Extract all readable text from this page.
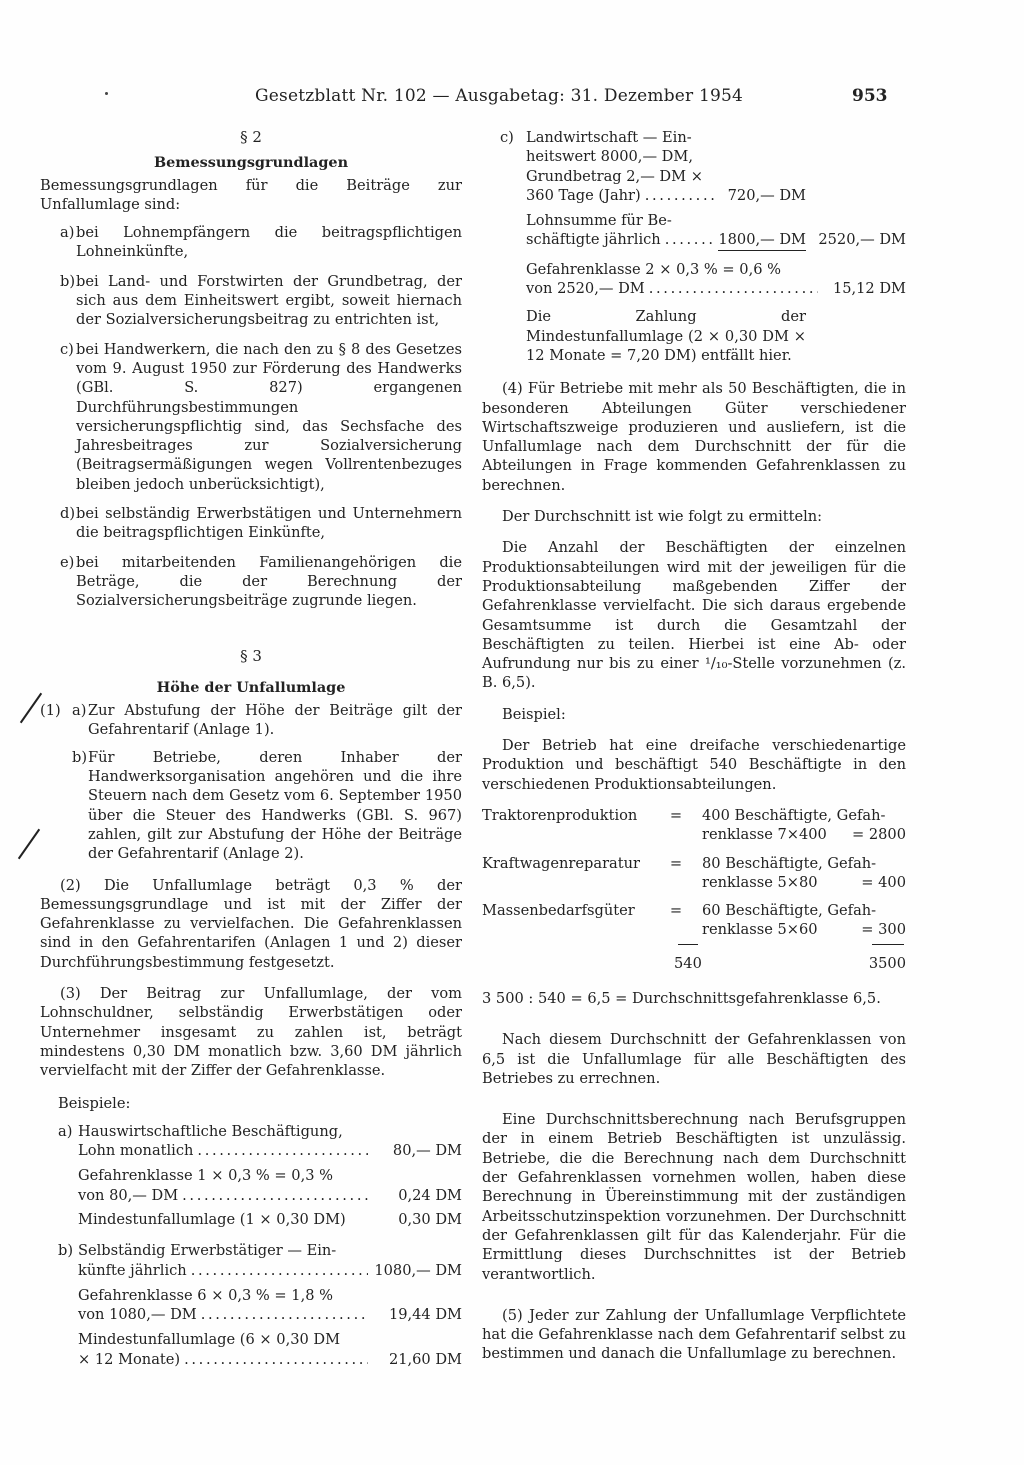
Gesetzblatt Nr. 102 — Ausgabetag: 31. Dezember 1954	953
§ 2
Bemessungsgrundlagen
Bemessungsgrundlagen für die Beiträge zur Unfallumlage sind:
a) bei Lohnempfängern die beitragspflichtigen Lohneinkünfte,
b) bei Land- und Forstwirten der Grundbetrag, der sich aus dem Einheitswert ergibt, soweit hiernach der Sozialversicherungsbeitrag zu entrichten ist,
c) bei Handwerkern, die nach den zu § 8 des Gesetzes vom 9. August 1950 zur Förderung des Handwerks (GBl. S. 827) ergangenen Durchführungsbestimmungen versicherungspflichtig sind, das Sechsfache des Jahresbeitrages zur Sozialversicherung (Beitragsermäßigungen wegen Vollrentenbezuges bleiben jedoch unberücksichtigt),
d) bei selbständig Erwerbstätigen und Unternehmern die beitragspflichtigen Einkünfte,
e) bei mitarbeitenden Familienangehörigen die Beträge, die der Berechnung der Sozialversicherungsbeiträge zugrunde liegen.
§ 3
Höhe der Unfallumlage
(1) a) Zur Abstufung der Höhe der Beiträge gilt der Gefahrentarif (Anlage 1).
b) Für Betriebe, deren Inhaber der Handwerksorganisation angehören und die ihre Steuern nach dem Gesetz vom 6. September 1950 über die Steuer des Handwerks (GBl. S. 967) zahlen, gilt zur Abstufung der Höhe der Beiträge der Gefahrentarif (Anlage 2).
(2) Die Unfallumlage beträgt 0,3 % der Bemessungsgrundlage und ist mit der Ziffer der Gefahrenklasse zu vervielfachen. Die Gefahrenklassen sind in den Gefahrentarifen (Anlagen 1 und 2) dieser Durchführungsbestimmung festgesetzt.
(3) Der Beitrag zur Unfallumlage, der vom Lohnschuldner, selbständig Erwerbstätigen oder Unternehmer insgesamt zu zahlen ist, beträgt mindestens 0,30 DM monatlich bzw. 3,60 DM jährlich vervielfacht mit der Ziffer der Gefahrenklasse.
Beispiele:
a) Hauswirtschaftliche Beschäftigung,
Lohn monatlich . . .	80,— DM
Gefahrenklasse 1 × 0,3 % = 0,3 %
von 80,— DM . . .	0,24 DM
Mindestunfallumlage (1 × 0,30 DM)	0,30 DM
b) Selbständig Erwerbstätiger — Ein-
künfte jährlich . . .	1080,— DM
Gefahrenklasse 6 × 0,3 % = 1,8 %
von 1080,— DM . . .	19,44 DM
Mindestunfallumlage (6 × 0,30 DM
× 12 Monate) . . .	21,60 DM
c) Landwirtschaft — Ein-
heitswert 8000,— DM,
Grundbetrag 2,— DM ×
360 Tage (Jahr) . . .	720,— DM
Lohnsumme für Be-
schäftigte jährlich . . .	1800,— DM 2520,— DM
Gefahrenklasse 2 × 0,3 % = 0,6 %
von 2520,— DM . . .	15,12 DM
Die Zahlung der Mindestunfallumlage (2 × 0,30 DM × 12 Monate = 7,20 DM) entfällt hier.
(4) Für Betriebe mit mehr als 50 Beschäftigten, die in besonderen Abteilungen Güter verschiedener Wirtschaftszweige produzieren und ausliefern, ist die Unfallumlage nach dem Durchschnitt der für die Abteilungen in Frage kommenden Gefahrenklassen zu berechnen.
Der Durchschnitt ist wie folgt zu ermitteln:
Die Anzahl der Beschäftigten der einzelnen Produktionsabteilungen wird mit der jeweiligen für die Produktionsabteilung maßgebenden Ziffer der Gefahrenklasse vervielfacht. Die sich daraus ergebende Gesamtsumme ist durch die Gesamtzahl der Beschäftigten zu teilen. Hierbei ist eine Ab- oder Aufrundung nur bis zu einer ¹/₁₀-Stelle vorzunehmen (z. B. 6,5).
Beispiel:
Der Betrieb hat eine dreifache verschiedenartige Produktion und beschäftigt 540 Beschäftigte in den verschiedenen Produktionsabteilungen.
Traktorenproduktion	=	400 Beschäftigte, Gefah-
renklasse 7×400 = 2800
Kraftwagenreparatur	=	80 Beschäftigte, Gefah-
renklasse 5×80	= 400
Massenbedarfsgüter	=	60 Beschäftigte, Gefah-
renklasse 5×60	= 300
540	3500
3 500 : 540 = 6,5 = Durchschnittsgefahrenklasse 6,5.
Nach diesem Durchschnitt der Gefahrenklassen von 6,5 ist die Unfallumlage für alle Beschäftigten des Betriebes zu errechnen.
Eine Durchschnittsberechnung nach Berufsgruppen der in einem Betrieb Beschäftigten ist unzulässig. Betriebe, die die Berechnung nach dem Durchschnitt der Gefahrenklassen vornehmen wollen, haben diese Berechnung in Übereinstimmung mit der zuständigen Arbeitsschutzinspektion vorzunehmen. Der Durchschnitt der Gefahrenklassen gilt für das Kalenderjahr. Für die Ermittlung dieses Durchschnittes ist der Betrieb verantwortlich.
(5) Jeder zur Zahlung der Unfallumlage Verpflichtete hat die Gefahrenklasse nach dem Gefahrentarif selbst zu bestimmen und danach die Unfallumlage zu berechnen.
